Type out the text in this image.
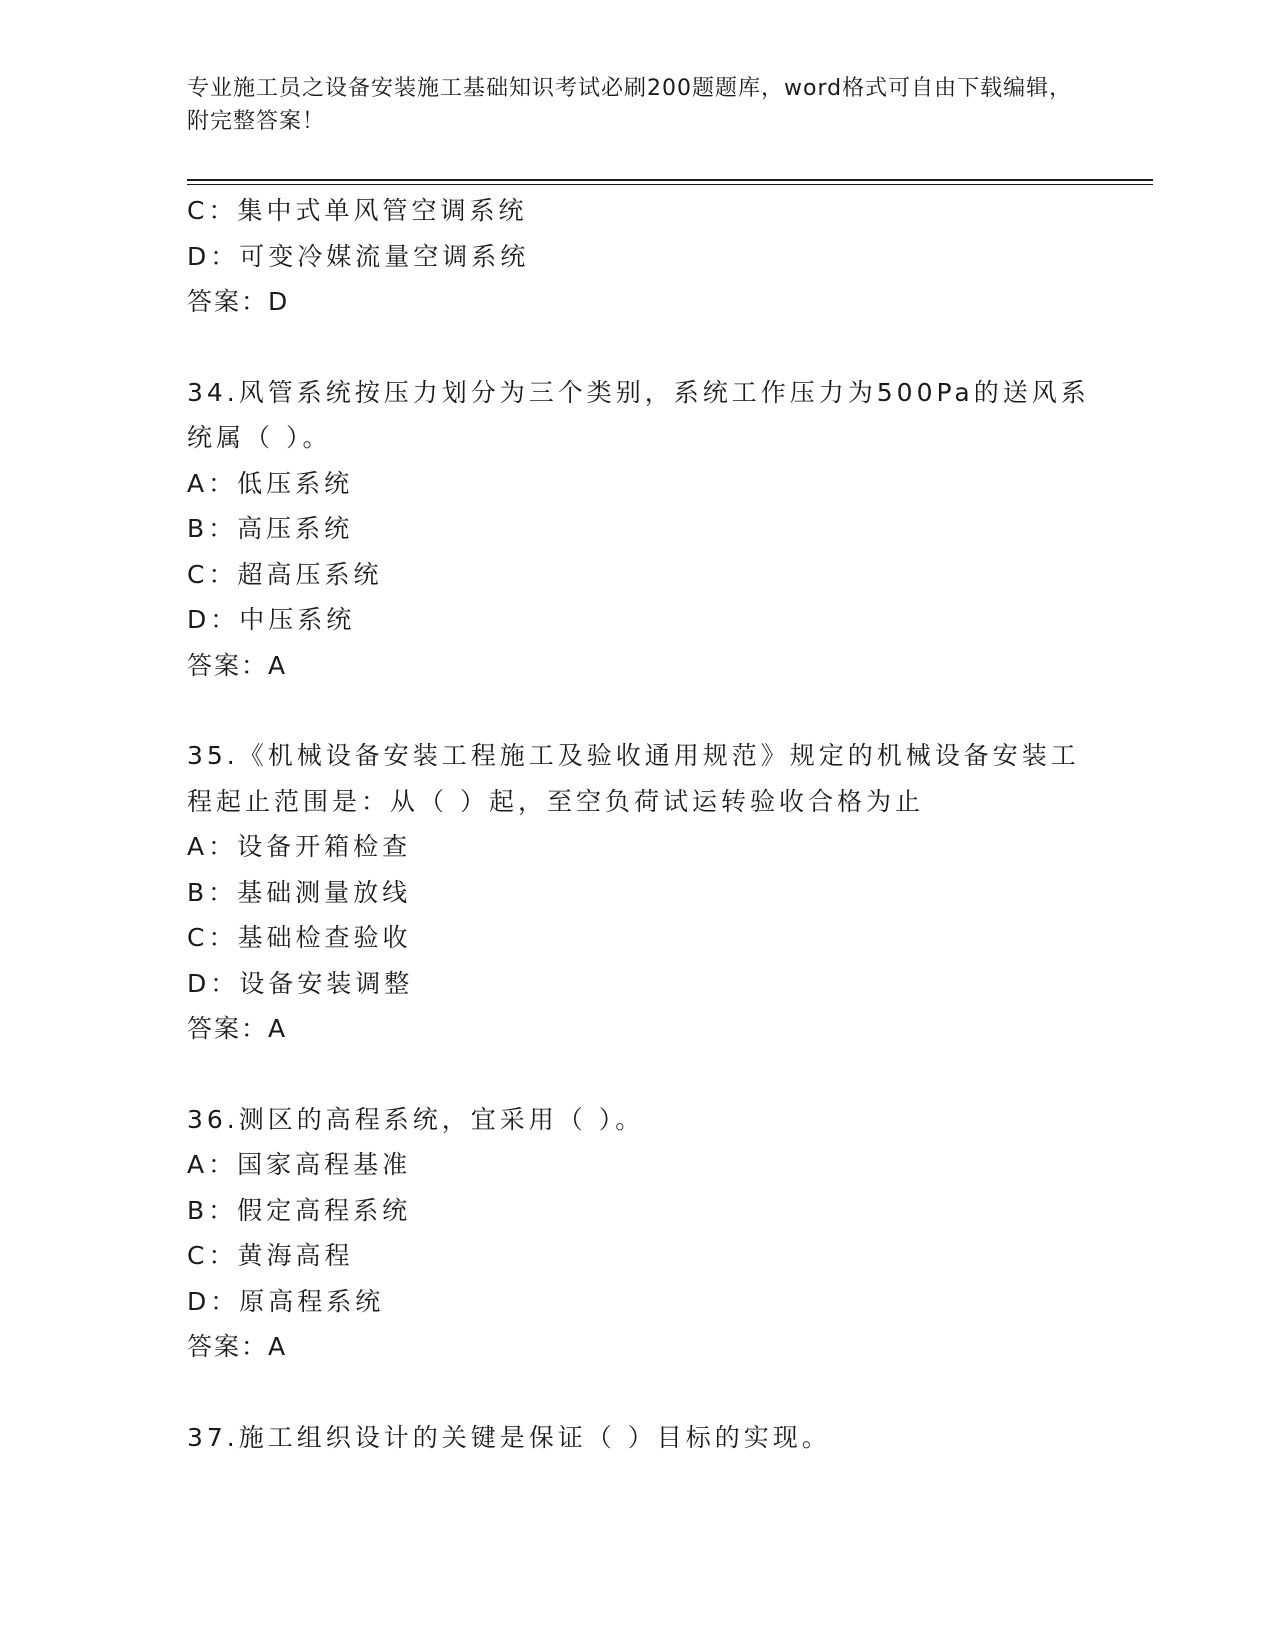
专业施工员之设备安装施工基础知识考试必刷200题题库，word格式可自由下载编辑，附完整答案！
C：集中式单风管空调系统
D：可变冷媒流量空调系统
答案：D
34.风管系统按压力划分为三个类别，系统工作压力为500Pa的送风系
统属（ ）。
A：低压系统
B：高压系统
C：超高压系统
D：中压系统
答案：A
35.《机械设备安装工程施工及验收通用规范》规定的机械设备安装工
程起止范围是：从（ ）起，至空负荷试运转验收合格为止
A：设备开箱检查
B：基础测量放线
C：基础检查验收
D：设备安装调整
答案：A
36.测区的高程系统，宜采用（ ）。
A：国家高程基准
B：假定高程系统
C：黄海高程
D：原高程系统
答案：A
37.施工组织设计的关键是保证（ ）目标的实现。
